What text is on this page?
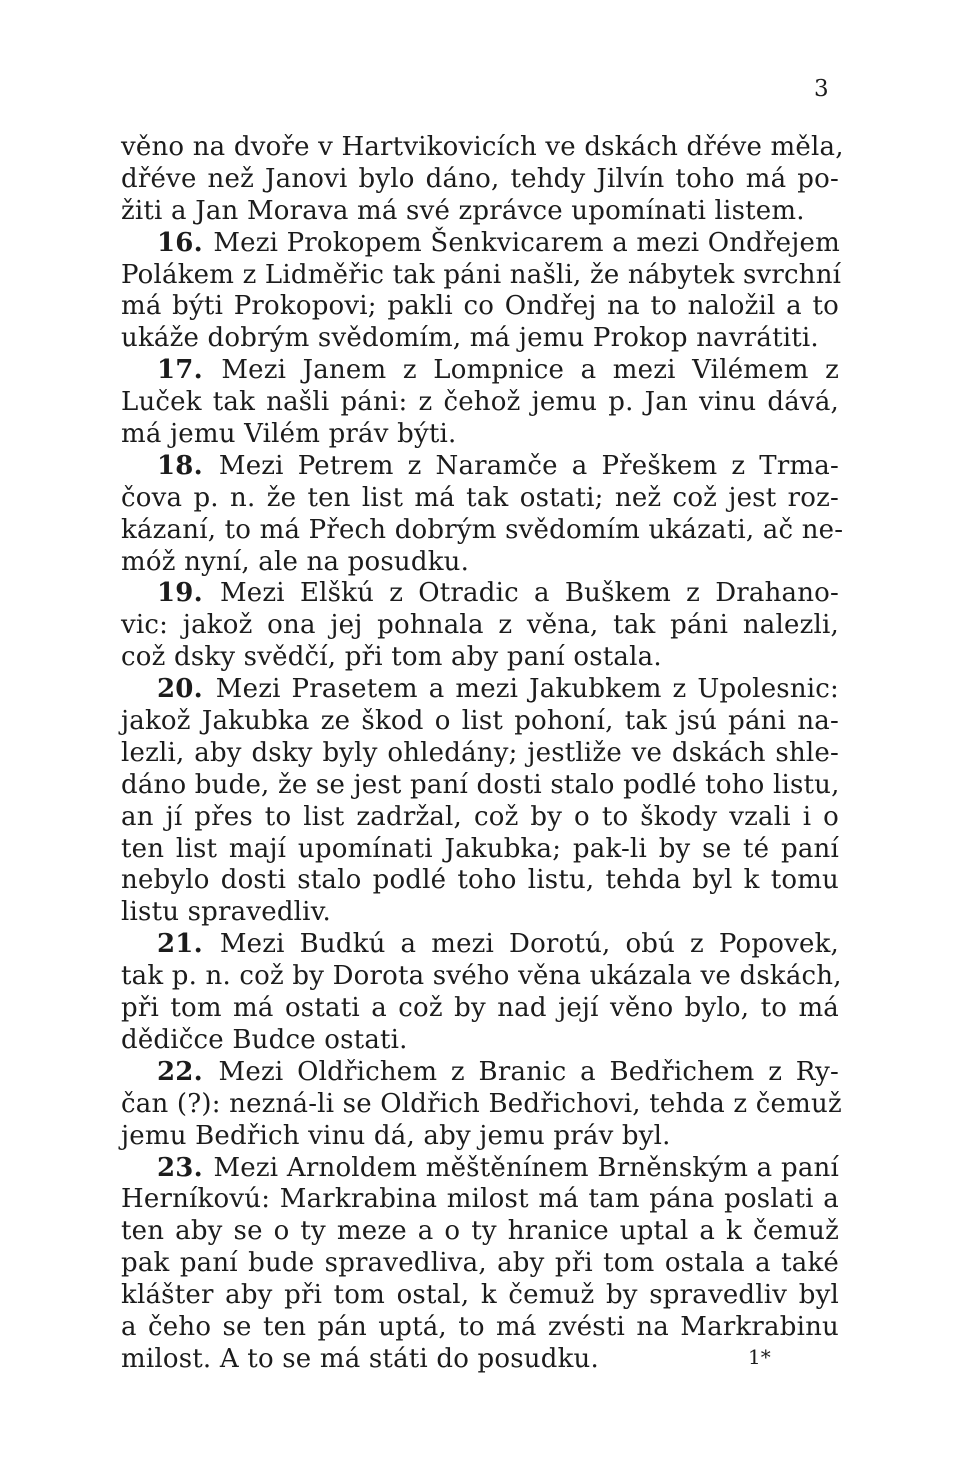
3
věno na dvoře v Hartvikovicích ve dskách dřéve měla,
dřéve než Janovi bylo dáno, tehdy Jilvín toho má po-
žiti a Jan Morava má své zprávce upomínati listem.
16. Mezi Prokopem Šenkvicarem a mezi Ondřejem
Polákem z Lidměřic tak páni našli, že nábytek svrchní
má býti Prokopovi; pakli co Ondřej na to naložil a to
ukáže dobrým svědomím, má jemu Prokop navrátiti.
17. Mezi Janem z Lompnice a mezi Vilémem z
Luček tak našli páni: z čehož jemu p. Jan vinu dává,
má jemu Vilém práv býti.
18. Mezi Petrem z Naramče a Přeškem z Trma-
čova p. n. že ten list má tak ostati; než což jest roz-
kázaní, to má Přech dobrým svědomím ukázati, ač ne-
móž nyní, ale na posudku.
19. Mezi Elškú z Otradic a Buškem z Drahano-
vic: jakož ona jej pohnala z věna, tak páni nalezli,
což dsky svědčí, při tom aby paní ostala.
20. Mezi Prasetem a mezi Jakubkem z Upolesnic:
jakož Jakubka ze škod o list pohoní, tak jsú páni na-
lezli, aby dsky byly ohledány; jestliže ve dskách shle-
dáno bude, že se jest paní dosti stalo podlé toho listu,
an jí přes to list zadržal, což by o to škody vzali i o
ten list mají upomínati Jakubka; pak-li by se té paní
nebylo dosti stalo podlé toho listu, tehda byl k tomu
listu spravedliv.
21. Mezi Budkú a mezi Dorotú, obú z Popovek,
tak p. n. což by Dorota svého věna ukázala ve dskách,
při tom má ostati a což by nad její věno bylo, to má
dědičce Budce ostati.
22. Mezi Oldřichem z Branic a Bedřichem z Ry-
čan (?): nezná-li se Oldřich Bedřichovi, tehda z čemuž
jemu Bedřich vinu dá, aby jemu práv byl.
23. Mezi Arnoldem měštěnínem Brněnským a paní
Herníkovú: Markrabina milost má tam pána poslati a
ten aby se o ty meze a o ty hranice uptal a k čemuž
pak paní bude spravedliva, aby při tom ostala a také
klášter aby při tom ostal, k čemuž by spravedliv byl
a čeho se ten pán uptá, to má zvésti na Markrabinu
milost. A to se má státi do posudku.	1*
